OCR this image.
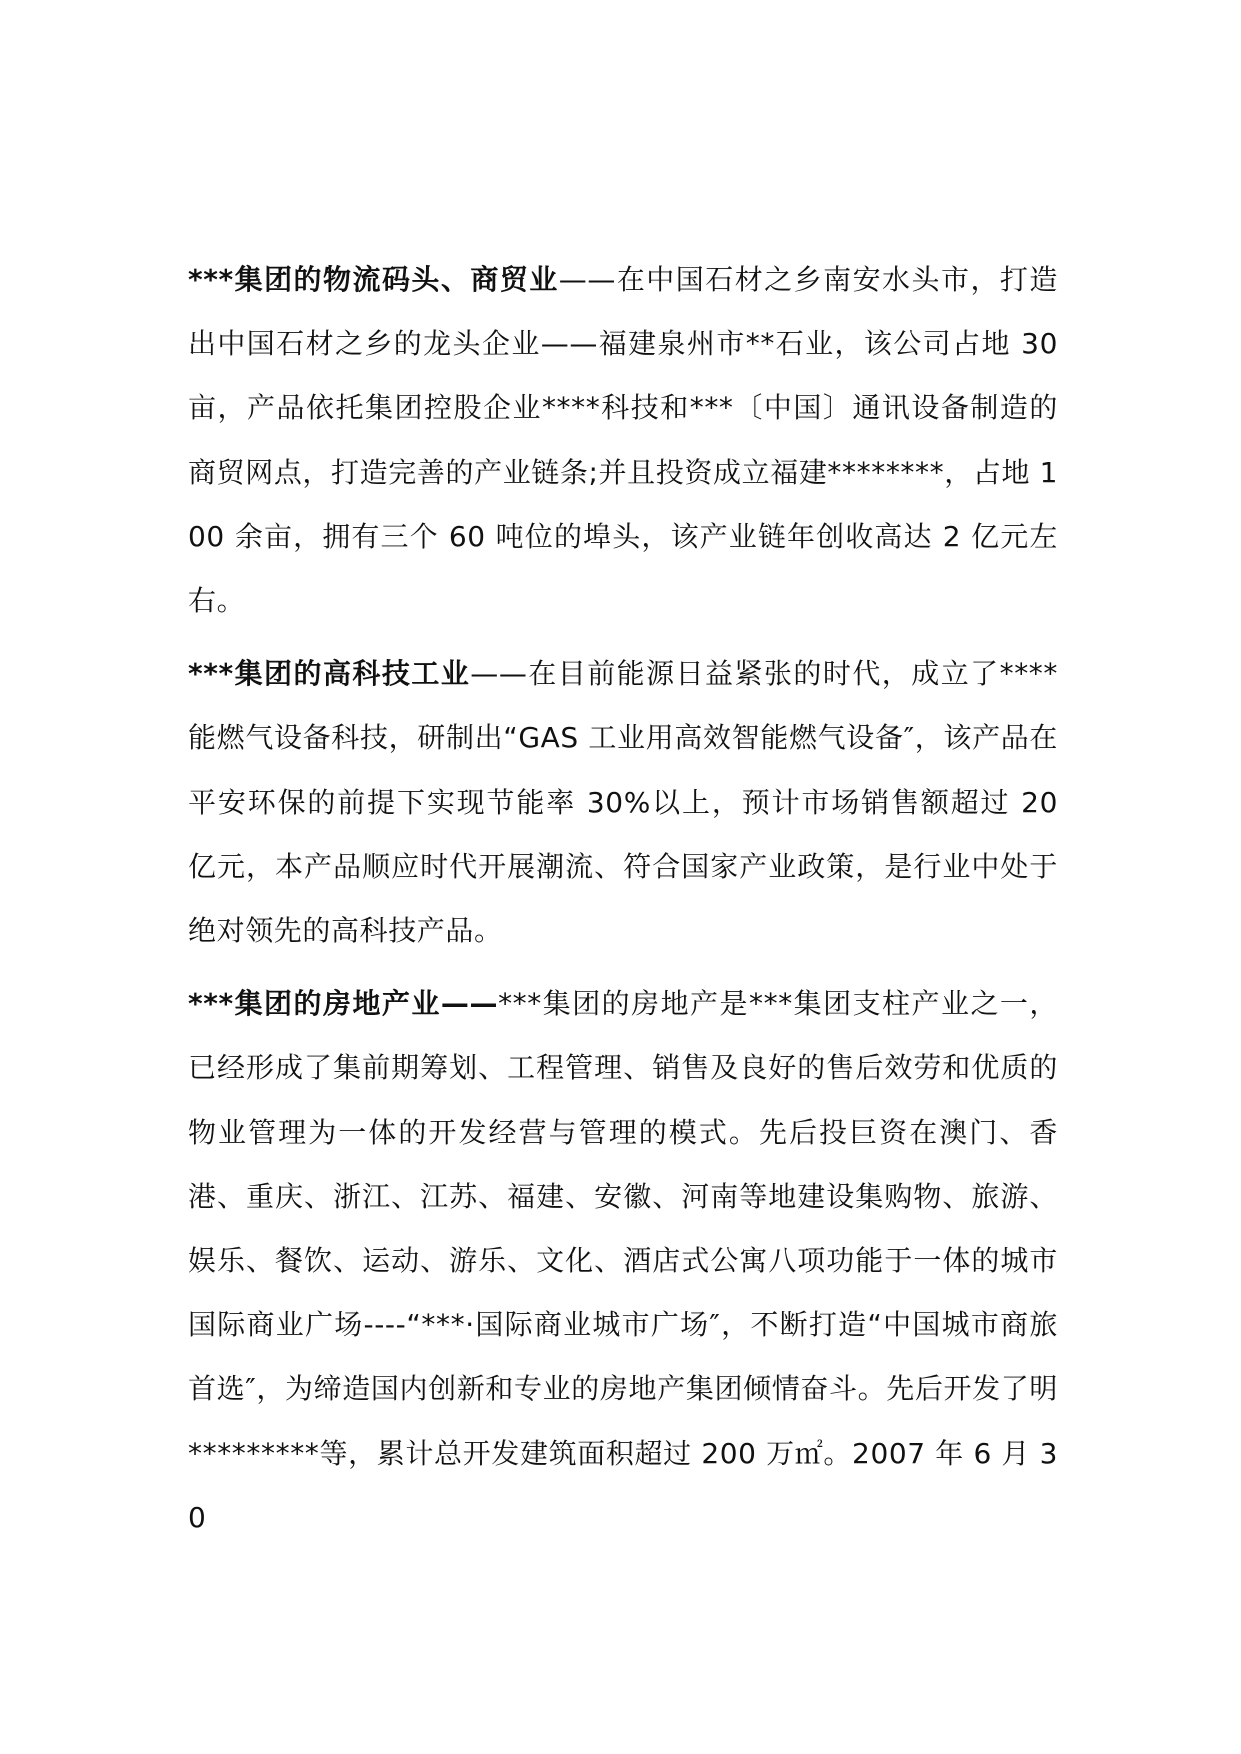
***集团的物流码头、商贸业——在中国石材之乡南安水头市，打造出中国石材之乡的龙头企业——福建泉州市**石业，该公司占地 30 亩，产品依托集团控股企业****科技和***〔中国〕通讯设备制造的商贸网点，打造完善的产业链条;并且投资成立福建********，占地 100 余亩，拥有三个 60 吨位的埠头，该产业链年创收高达 2 亿元左右。

***集团的高科技工业——在目前能源日益紧张的时代，成立了****能燃气设备科技，研制出“GAS 工业用高效智能燃气设备″，该产品在平安环保的前提下实现节能率 30%以上，预计市场销售额超过 20 亿元，本产品顺应时代开展潮流、符合国家产业政策，是行业中处于绝对领先的高科技产品。

***集团的房地产业——***集团的房地产是***集团支柱产业之一，已经形成了集前期筹划、工程管理、销售及良好的售后效劳和优质的物业管理为一体的开发经营与管理的模式。先后投巨资在澳门、香港、重庆、浙江、江苏、福建、安徽、河南等地建设集购物、旅游、娱乐、餐饮、运动、游乐、文化、酒店式公寓八项功能于一体的城市国际商业广场----“***·国际商业城市广场″，不断打造“中国城市商旅首选″，为缔造国内创新和专业的房地产集团倾情奋斗。先后开发了明*********等，累计总开发建筑面积超过 200 万㎡。2007 年 6 月 30
